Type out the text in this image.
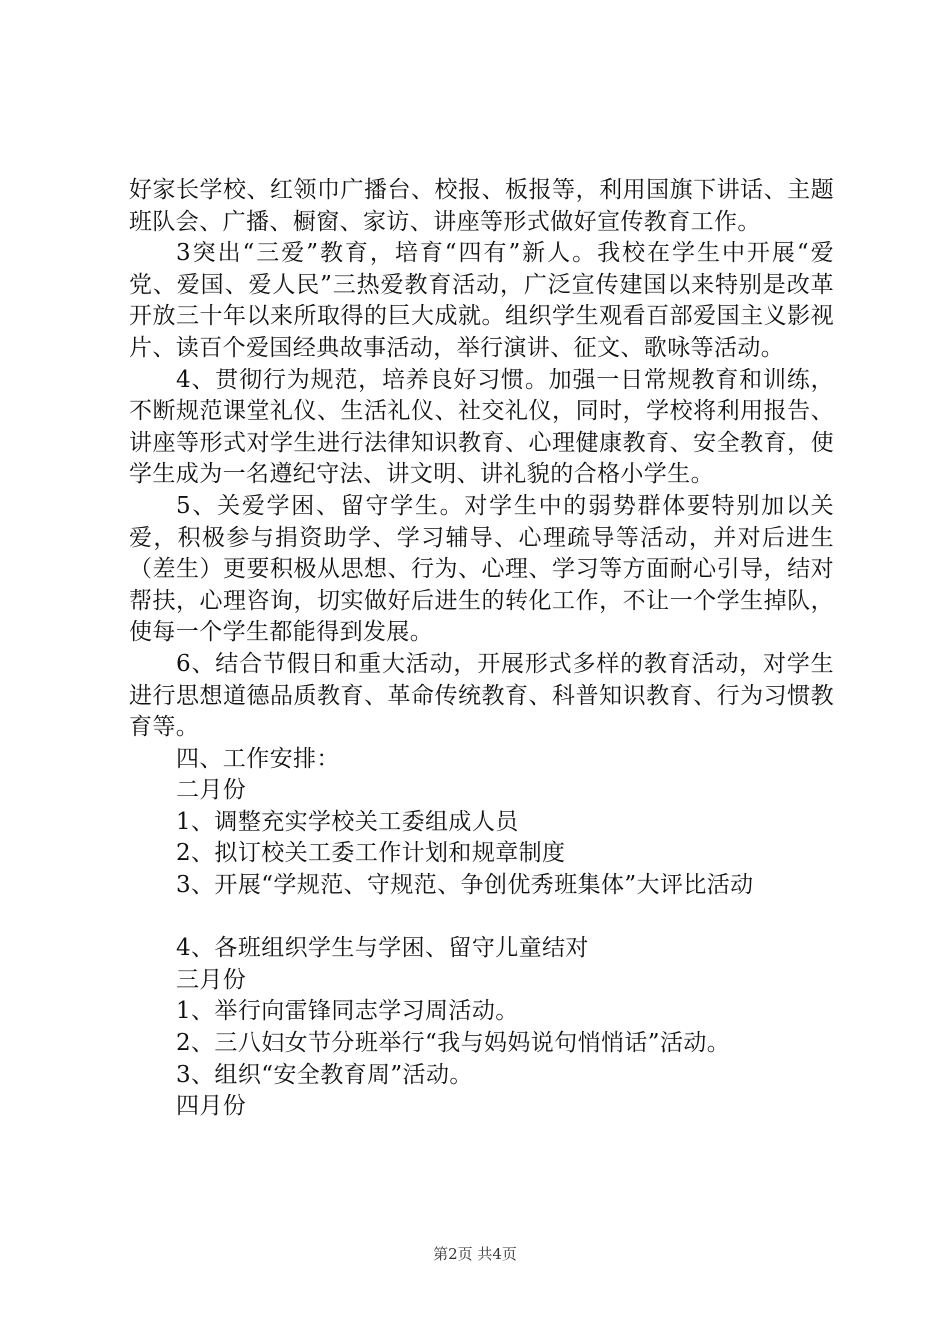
好家长学校、红领巾广播台、校报、板报等，利用国旗下讲话、主题班队会、广播、橱窗、家访、讲座等形式做好宣传教育工作。

3突出“三爱”教育，培育“四有”新人。我校在学生中开展“爱党、爱国、爱人民”三热爱教育活动，广泛宣传建国以来特别是改革开放三十年以来所取得的巨大成就。组织学生观看百部爱国主义影视片、读百个爱国经典故事活动，举行演讲、征文、歌咏等活动。

4、贯彻行为规范，培养良好习惯。加强一日常规教育和训练，不断规范课堂礼仪、生活礼仪、社交礼仪，同时，学校将利用报告、讲座等形式对学生进行法律知识教育、心理健康教育、安全教育，使学生成为一名遵纪守法、讲文明、讲礼貌的合格小学生。

5、关爱学困、留守学生。对学生中的弱势群体要特别加以关爱，积极参与捐资助学、学习辅导、心理疏导等活动，并对后进生（差生）更要积极从思想、行为、心理、学习等方面耐心引导，结对帮扶，心理咨询，切实做好后进生的转化工作，不让一个学生掉队，使每一个学生都能得到发展。

6、结合节假日和重大活动，开展形式多样的教育活动，对学生进行思想道德品质教育、革命传统教育、科普知识教育、行为习惯教育等。

四、工作安排：

二月份

1、调整充实学校关工委组成人员

2、拟订校关工委工作计划和规章制度

3、开展“学规范、守规范、争创优秀班集体”大评比活动

4、各班组织学生与学困、留守儿童结对

三月份

1、举行向雷锋同志学习周活动。

2、三八妇女节分班举行“我与妈妈说句悄悄话”活动。

3、组织“安全教育周”活动。

四月份

第2页 共4页
